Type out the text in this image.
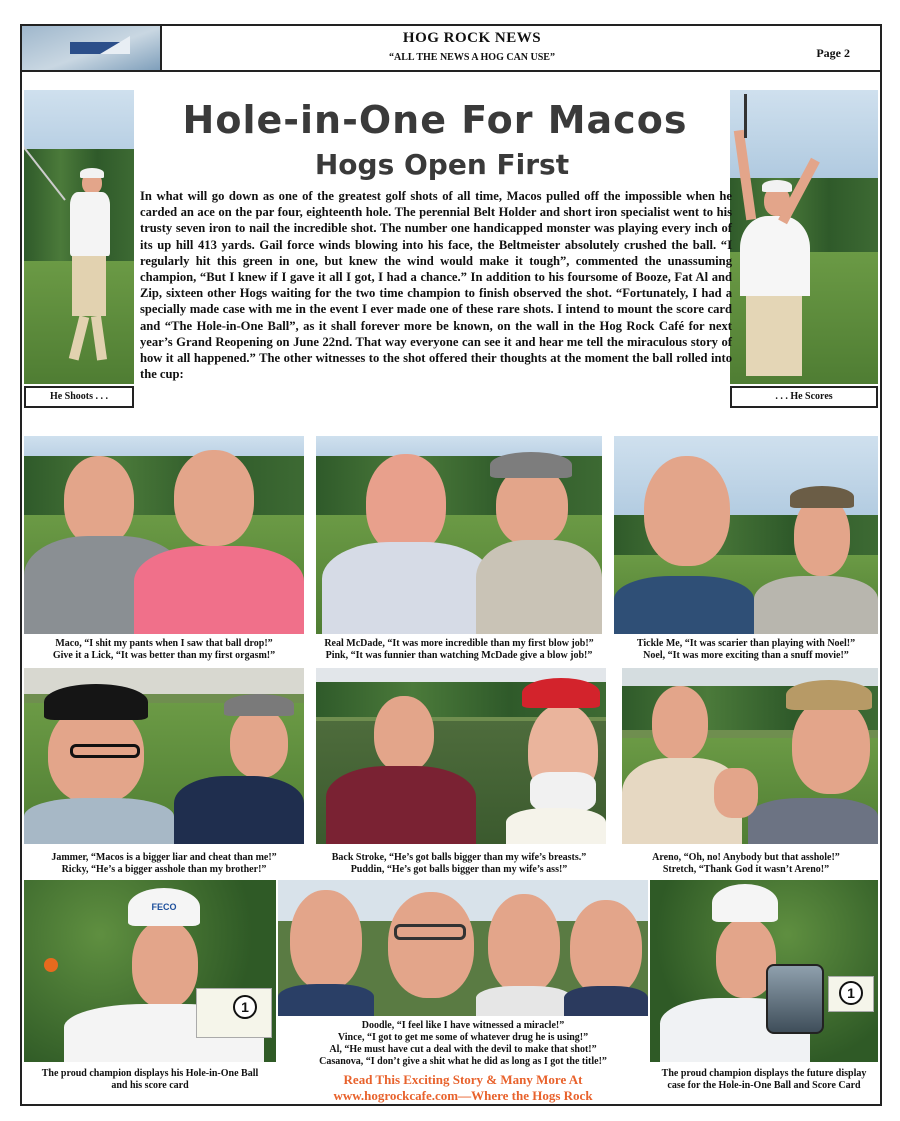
HOG ROCK NEWS
“ALL THE NEWS A HOG CAN USE”	Page 2
He Shoots . . .	. . . He Scores
Hole-in-One For Macos
Hogs Open First
In what will go down as one of the greatest golf shots of all time, Macos pulled off the impossible when he carded an ace on the par four, eighteenth hole. The perennial Belt Holder and short iron specialist went to his trusty seven iron to nail the incredible shot. The number one handicapped monster was playing every inch of its up hill 413 yards. Gail force winds blowing into his face, the Beltmeister absolutely crushed the ball. “I regularly hit this green in one, but knew the wind would make it tough”, commented the unassuming champion, “But I knew if I gave it all I got, I had a chance.” In addition to his foursome of Booze, Fat Al and Zip, sixteen other Hogs waiting for the two time champion to finish observed the shot. “Fortunately, I had a specially made case with me in the event I ever made one of these rare shots. I intend to mount the score card and “The Hole-in-One Ball”, as it shall forever more be known, on the wall in the Hog Rock Café for next year’s Grand Reopening on June 22nd. That way everyone can see it and hear me tell the miraculous story of how it all happened.” The other witnesses to the shot offered their thoughts at the moment the ball rolled into the cup:
Maco, “I shit my pants when I saw that ball drop!”
Give it a Lick, “It was better than my first orgasm!”
Real McDade, “It was more incredible than my first blow job!”
Pink, “It was funnier than watching McDade give a blow job!”
Tickle Me, “It was scarier than playing with Noel!”
Noel, “It was more exciting than a snuff movie!”
Jammer, “Macos is a bigger liar and cheat than me!”
Ricky, “He’s a bigger asshole than my brother!”
Back Stroke, “He’s got balls bigger than my wife’s breasts.”
Puddin, “He’s got balls bigger than my wife’s ass!”
Areno, “Oh, no! Anybody but that asshole!”
Stretch, “Thank God it wasn’t Areno!”
FECO
1
Doodle, “I feel like I have witnessed a miracle!”
Vince, “I got to get me some of whatever drug he is using!”
Al, “He must have cut a deal with the devil to make that shot!”
Casanova, “I don’t give a shit what he did as long as I got the title!”
Read This Exciting Story & Many More At
www.hogrockcafe.com—Where the Hogs Rock
1
The proud champion displays his Hole-in-One Ball
and his score card
The proud champion displays the future display
case for the Hole-in-One Ball and Score Card
